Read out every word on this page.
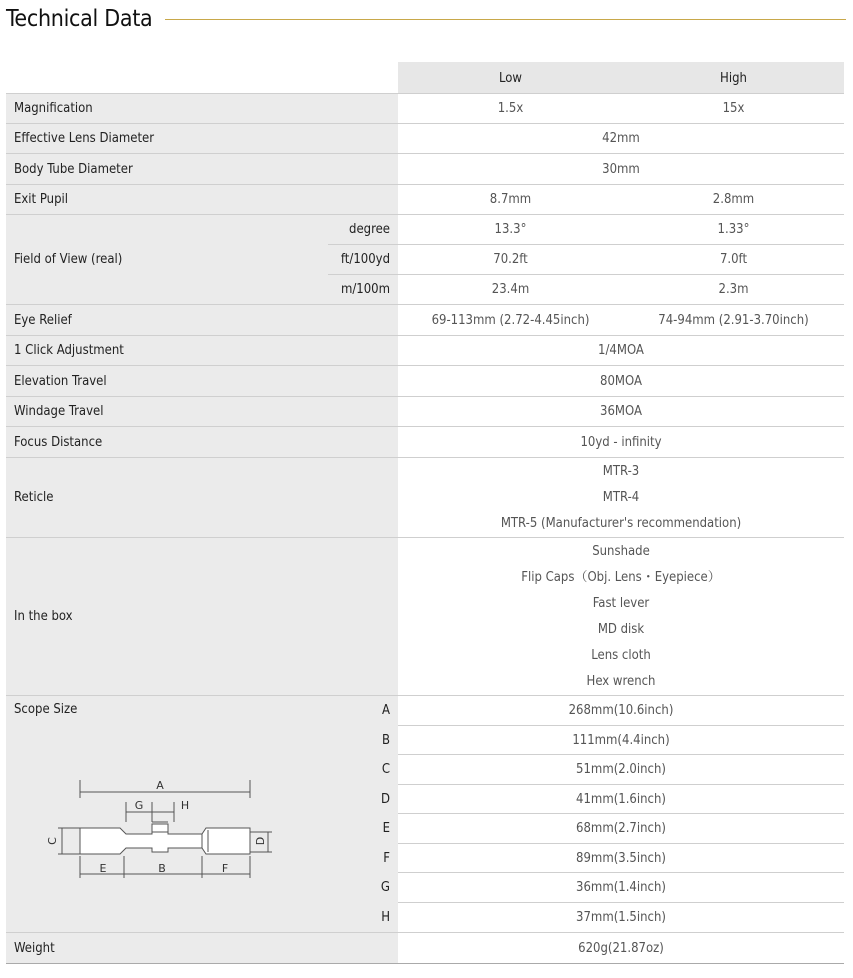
Technical Data
Low	High
Magnification	1.5x	15x
Effective Lens Diameter	42mm
Body Tube Diameter	30mm
Exit Pupil	8.7mm	2.8mm
Field of View (real)
degree	13.3°	1.33°
ft/100yd	70.2ft	7.0ft
m/100m	23.4m	2.3m
Eye Relief	69-113mm (2.72-4.45inch)	74-94mm (2.91-3.70inch)
1 Click Adjustment	1/4MOA
Elevation Travel	80MOA
Windage Travel	36MOA
Focus Distance	10yd - infinity
Reticle
MTR-3
MTR-4
MTR-5 (Manufacturer's recommendation)
In the box
Sunshade
Flip Caps（Obj. Lens・Eyepiece）
Fast lever
MD disk
Lens cloth
Hex wrench
Scope Size	A	268mm(10.6inch)
B	111mm(4.4inch)
C	51mm(2.0inch)
D	41mm(1.6inch)
E	68mm(2.7inch)
F	89mm(3.5inch)
G	36mm(1.4inch)
H	37mm(1.5inch)
A
G	H
C	D
E	B	F
Weight	620g(21.87oz)
